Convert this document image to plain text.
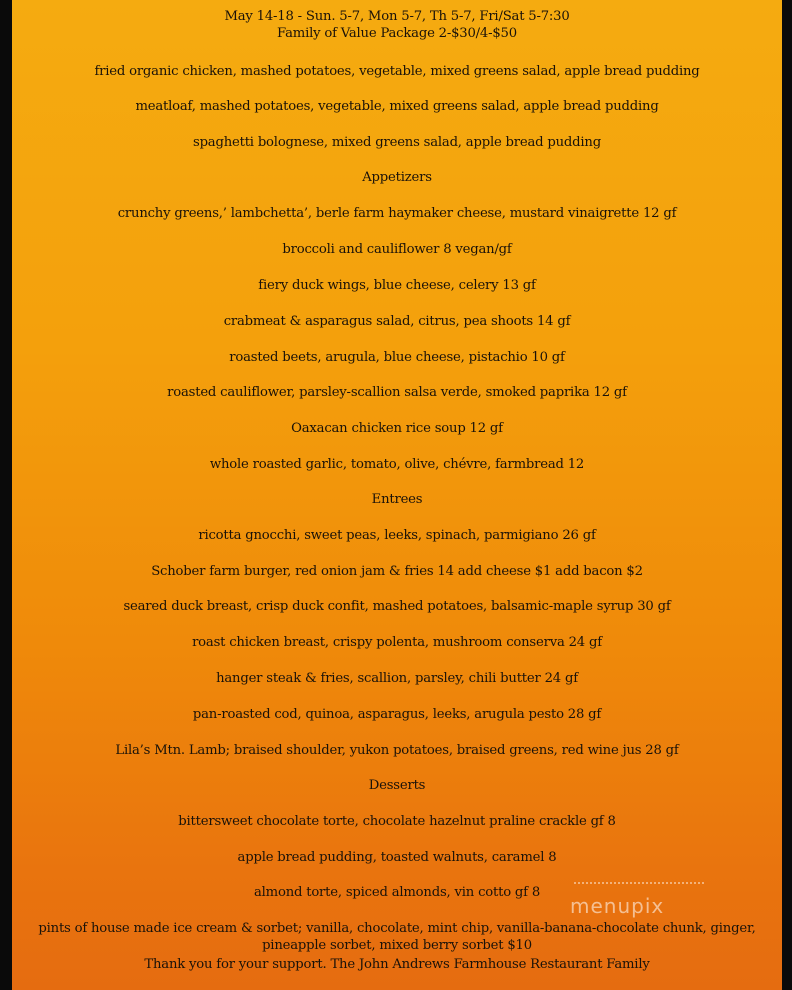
May 14-18 - Sun. 5-7, Mon 5-7, Th 5-7, Fri/Sat 5-7:30
Family of Value Package 2-$30/4-$50
fried organic chicken, mashed potatoes, vegetable, mixed greens salad, apple bread pudding
meatloaf, mashed potatoes, vegetable, mixed greens salad, apple bread pudding
spaghetti bolognese, mixed greens salad, apple bread pudding
Appetizers
crunchy greens,’ lambchetta’, berle farm haymaker cheese, mustard vinaigrette 12 gf
broccoli and cauliflower 8 vegan/gf
fiery duck wings, blue cheese, celery 13 gf
crabmeat & asparagus salad, citrus, pea shoots 14 gf
roasted beets, arugula, blue cheese, pistachio 10 gf
roasted cauliflower, parsley-scallion salsa verde, smoked paprika 12 gf
Oaxacan chicken rice soup 12 gf
whole roasted garlic, tomato, olive, chévre, farmbread 12
Entrees
ricotta gnocchi, sweet peas, leeks, spinach, parmigiano 26 gf
Schober farm burger, red onion jam & fries 14 add cheese $1 add bacon $2
seared duck breast, crisp duck confit, mashed potatoes, balsamic-maple syrup 30 gf
roast chicken breast, crispy polenta, mushroom conserva 24 gf
hanger steak & fries, scallion, parsley, chili butter 24 gf
pan-roasted cod, quinoa, asparagus, leeks, arugula pesto 28 gf
Lila’s Mtn. Lamb; braised shoulder, yukon potatoes, braised greens, red wine jus 28 gf
Desserts
bittersweet chocolate torte, chocolate hazelnut praline crackle gf 8
apple bread pudding, toasted walnuts, caramel 8
almond torte, spiced almonds, vin cotto gf 8
pints of house made ice cream & sorbet; vanilla, chocolate, mint chip, vanilla-banana-chocolate chunk, ginger, pineapple sorbet, mixed berry sorbet $10
Thank you for your support. The John Andrews Farmhouse Restaurant Family
menupix
